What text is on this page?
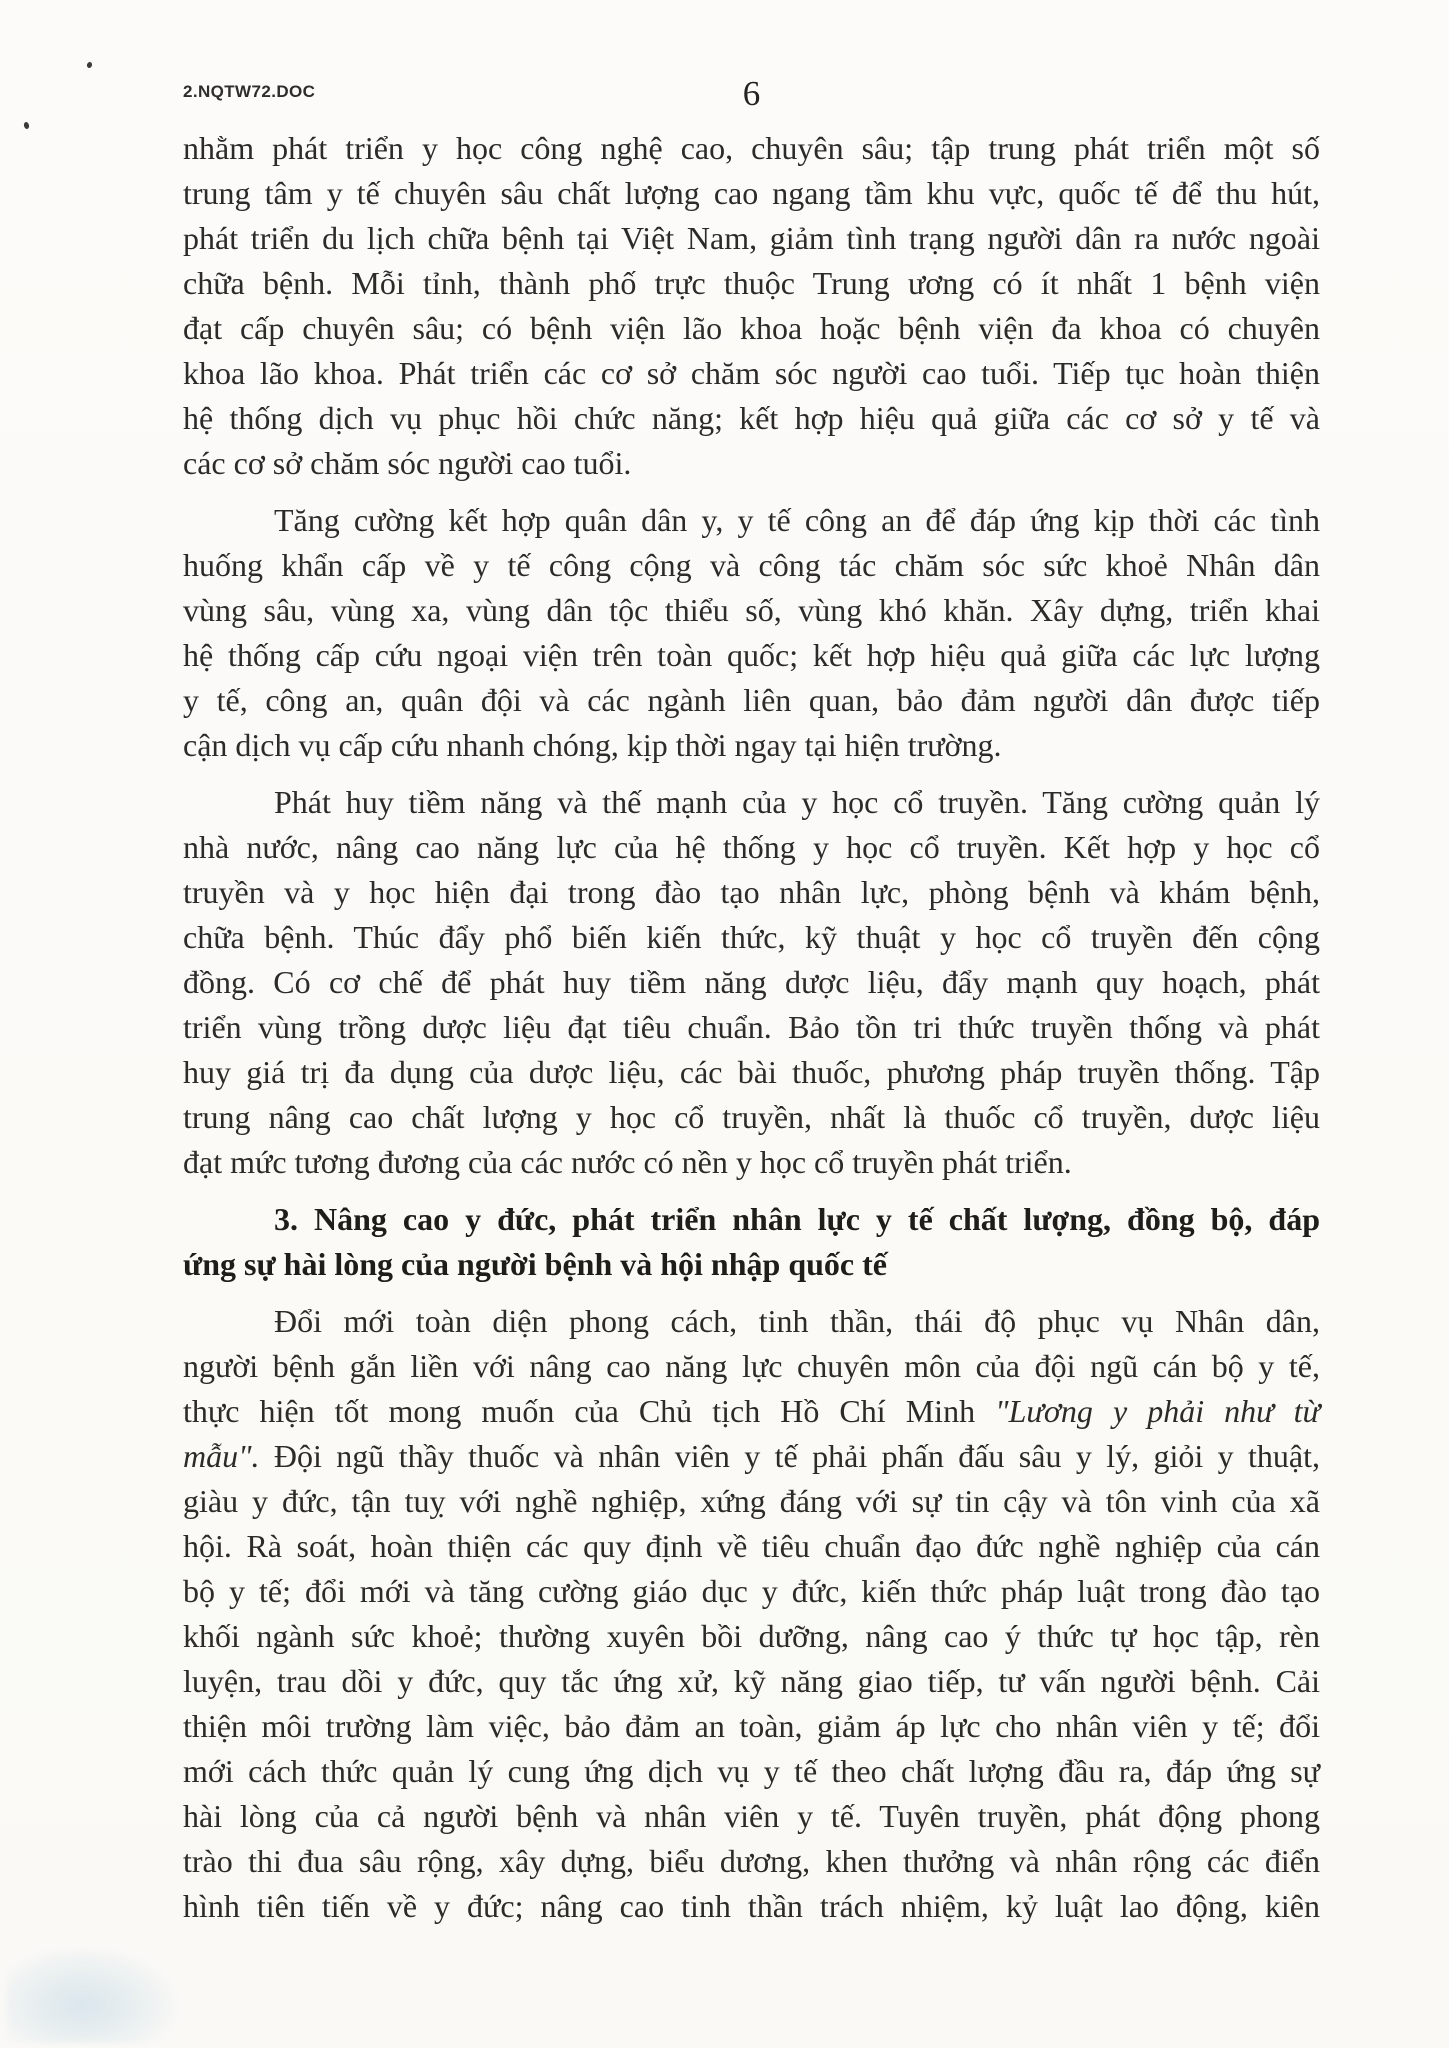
2.NQTW72.DOC	6
nhằm phát triển y học công nghệ cao, chuyên sâu; tập trung phát triển một số
trung tâm y tế chuyên sâu chất lượng cao ngang tầm khu vực, quốc tế để thu hút,
phát triển du lịch chữa bệnh tại Việt Nam, giảm tình trạng người dân ra nước ngoài
chữa bệnh. Mỗi tỉnh, thành phố trực thuộc Trung ương có ít nhất 1 bệnh viện
đạt cấp chuyên sâu; có bệnh viện lão khoa hoặc bệnh viện đa khoa có chuyên
khoa lão khoa. Phát triển các cơ sở chăm sóc người cao tuổi. Tiếp tục hoàn thiện
hệ thống dịch vụ phục hồi chức năng; kết hợp hiệu quả giữa các cơ sở y tế và
các cơ sở chăm sóc người cao tuổi.
Tăng cường kết hợp quân dân y, y tế công an để đáp ứng kịp thời các tình
huống khẩn cấp về y tế công cộng và công tác chăm sóc sức khoẻ Nhân dân
vùng sâu, vùng xa, vùng dân tộc thiểu số, vùng khó khăn. Xây dựng, triển khai
hệ thống cấp cứu ngoại viện trên toàn quốc; kết hợp hiệu quả giữa các lực lượng
y tế, công an, quân đội và các ngành liên quan, bảo đảm người dân được tiếp
cận dịch vụ cấp cứu nhanh chóng, kịp thời ngay tại hiện trường.
Phát huy tiềm năng và thế mạnh của y học cổ truyền. Tăng cường quản lý
nhà nước, nâng cao năng lực của hệ thống y học cổ truyền. Kết hợp y học cổ
truyền và y học hiện đại trong đào tạo nhân lực, phòng bệnh và khám bệnh,
chữa bệnh. Thúc đẩy phổ biến kiến thức, kỹ thuật y học cổ truyền đến cộng
đồng. Có cơ chế để phát huy tiềm năng dược liệu, đẩy mạnh quy hoạch, phát
triển vùng trồng dược liệu đạt tiêu chuẩn. Bảo tồn tri thức truyền thống và phát
huy giá trị đa dụng của dược liệu, các bài thuốc, phương pháp truyền thống. Tập
trung nâng cao chất lượng y học cổ truyền, nhất là thuốc cổ truyền, dược liệu
đạt mức tương đương của các nước có nền y học cổ truyền phát triển.
3. Nâng cao y đức, phát triển nhân lực y tế chất lượng, đồng bộ, đáp
ứng sự hài lòng của người bệnh và hội nhập quốc tế
Đổi mới toàn diện phong cách, tinh thần, thái độ phục vụ Nhân dân,
người bệnh gắn liền với nâng cao năng lực chuyên môn của đội ngũ cán bộ y tế,
thực hiện tốt mong muốn của Chủ tịch Hồ Chí Minh "Lương y phải như từ
mẫu". Đội ngũ thầy thuốc và nhân viên y tế phải phấn đấu sâu y lý, giỏi y thuật,
giàu y đức, tận tuỵ với nghề nghiệp, xứng đáng với sự tin cậy và tôn vinh của xã
hội. Rà soát, hoàn thiện các quy định về tiêu chuẩn đạo đức nghề nghiệp của cán
bộ y tế; đổi mới và tăng cường giáo dục y đức, kiến thức pháp luật trong đào tạo
khối ngành sức khoẻ; thường xuyên bồi dưỡng, nâng cao ý thức tự học tập, rèn
luyện, trau dồi y đức, quy tắc ứng xử, kỹ năng giao tiếp, tư vấn người bệnh. Cải
thiện môi trường làm việc, bảo đảm an toàn, giảm áp lực cho nhân viên y tế; đổi
mới cách thức quản lý cung ứng dịch vụ y tế theo chất lượng đầu ra, đáp ứng sự
hài lòng của cả người bệnh và nhân viên y tế. Tuyên truyền, phát động phong
trào thi đua sâu rộng, xây dựng, biểu dương, khen thưởng và nhân rộng các điển
hình tiên tiến về y đức; nâng cao tinh thần trách nhiệm, kỷ luật lao động, kiên
